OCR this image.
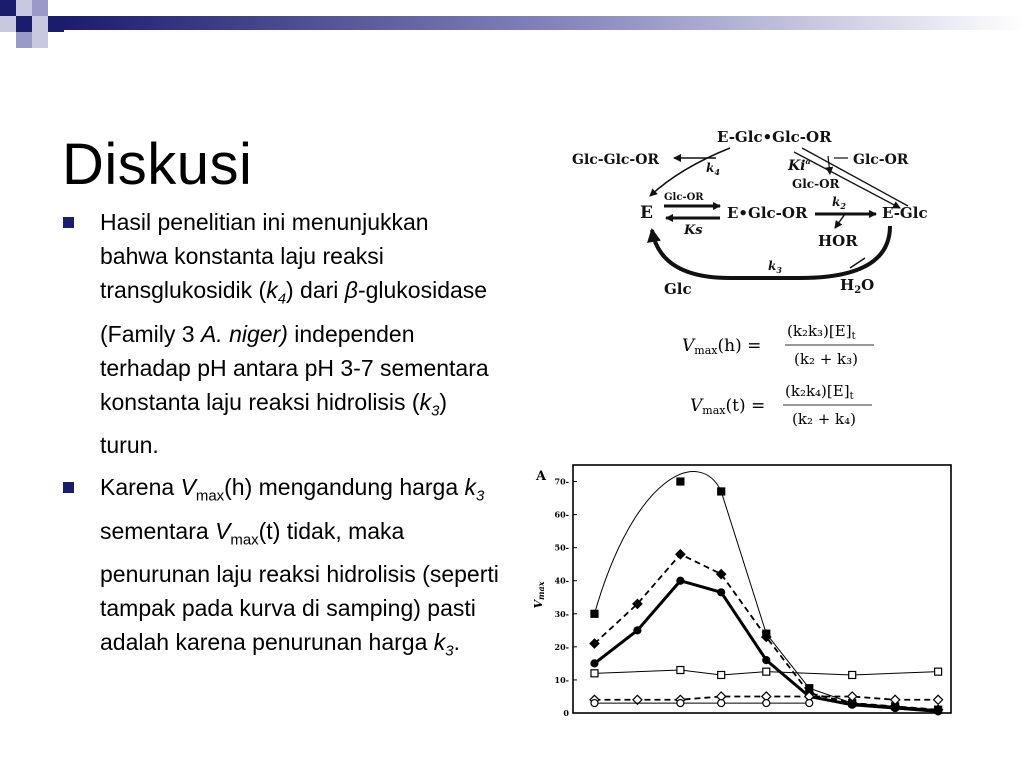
Diskusi
Hasil penelitian ini menunjukkan bahwa konstanta laju reaksi transglukosidik $(k_4)$ dari β-glukosidase (Family 3 A. niger) independen terhadap pH antara pH 3-7 sementara konstanta laju reaksi hidrolisis $(k_3)$ turun.
Karena $V_{max}(h)$ mengandung harga $k_3$ sementara $V_{max}(t)$ tidak, maka penurunan laju reaksi hidrolisis (seperti tampak pada kurva di samping) pasti adalah karena penurunan harga $k_3$.
E-Glc•Glc-OR
Glc-Glc-OR	$k_4$	Ki$^a$	Glc-OR
Glc-OR
E
Glc-OR
Ks
E•Glc-OR
$k_2$ E-Glc
HOR
$k_3$
Glc	$H_2O$
Vmax(h) =
$(k_2k_3)[E]_t$
(k₂ + k₃)
Vmax(t) =
$(k_2k_4)[E]_t$
(k₂ + k₄)
A
Vmax
0
10-
20-
30-
40-
50-
60-
70-
